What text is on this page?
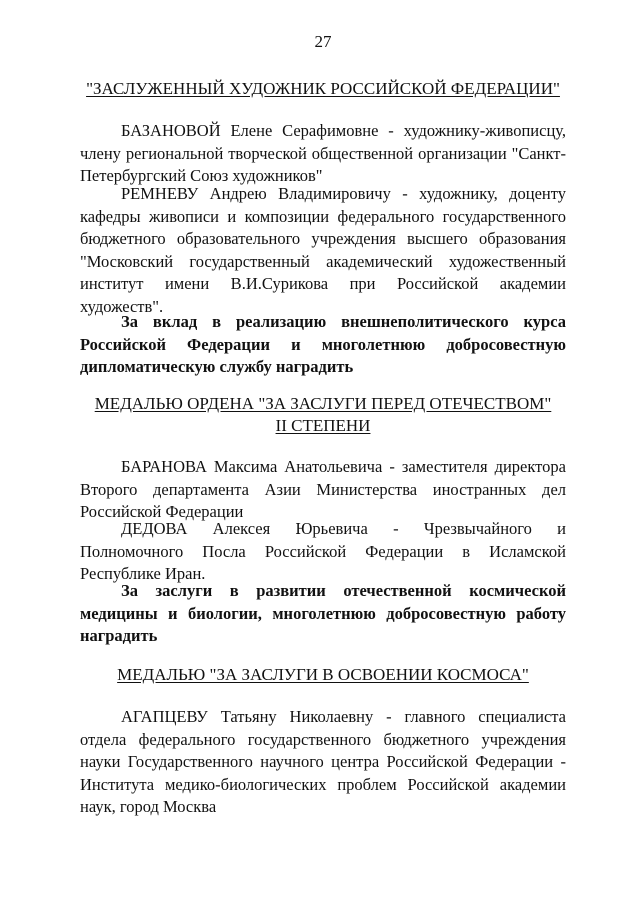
27
"ЗАСЛУЖЕННЫЙ ХУДОЖНИК РОССИЙСКОЙ ФЕДЕРАЦИИ"
БАЗАНОВОЙ Елене Серафимовне - художнику-живописцу, члену региональной творческой общественной организации "Санкт-Петербургский Союз художников"
РЕМНЕВУ Андрею Владимировичу - художнику, доценту кафедры живописи и композиции федерального государственного бюджетного образовательного учреждения высшего образования "Московский государственный академический художественный институт имени В.И.Сурикова при Российской академии художеств".
За вклад в реализацию внешнеполитического курса Российской Федерации и многолетнюю добросовестную дипломатическую службу наградить
МЕДАЛЬЮ ОРДЕНА "ЗА ЗАСЛУГИ ПЕРЕД ОТЕЧЕСТВОМ" II СТЕПЕНИ
БАРАНОВА Максима Анатольевича - заместителя директора Второго департамента Азии Министерства иностранных дел Российской Федерации
ДЕДОВА Алексея Юрьевича - Чрезвычайного и Полномочного Посла Российской Федерации в Исламской Республике Иран.
За заслуги в развитии отечественной космической медицины и биологии, многолетнюю добросовестную работу наградить
МЕДАЛЬЮ "ЗА ЗАСЛУГИ В ОСВОЕНИИ КОСМОСА"
АГАПЦЕВУ Татьяну Николаевну - главного специалиста отдела федерального государственного бюджетного учреждения науки Государственного научного центра Российской Федерации - Института медико-биологических проблем Российской академии наук, город Москва
